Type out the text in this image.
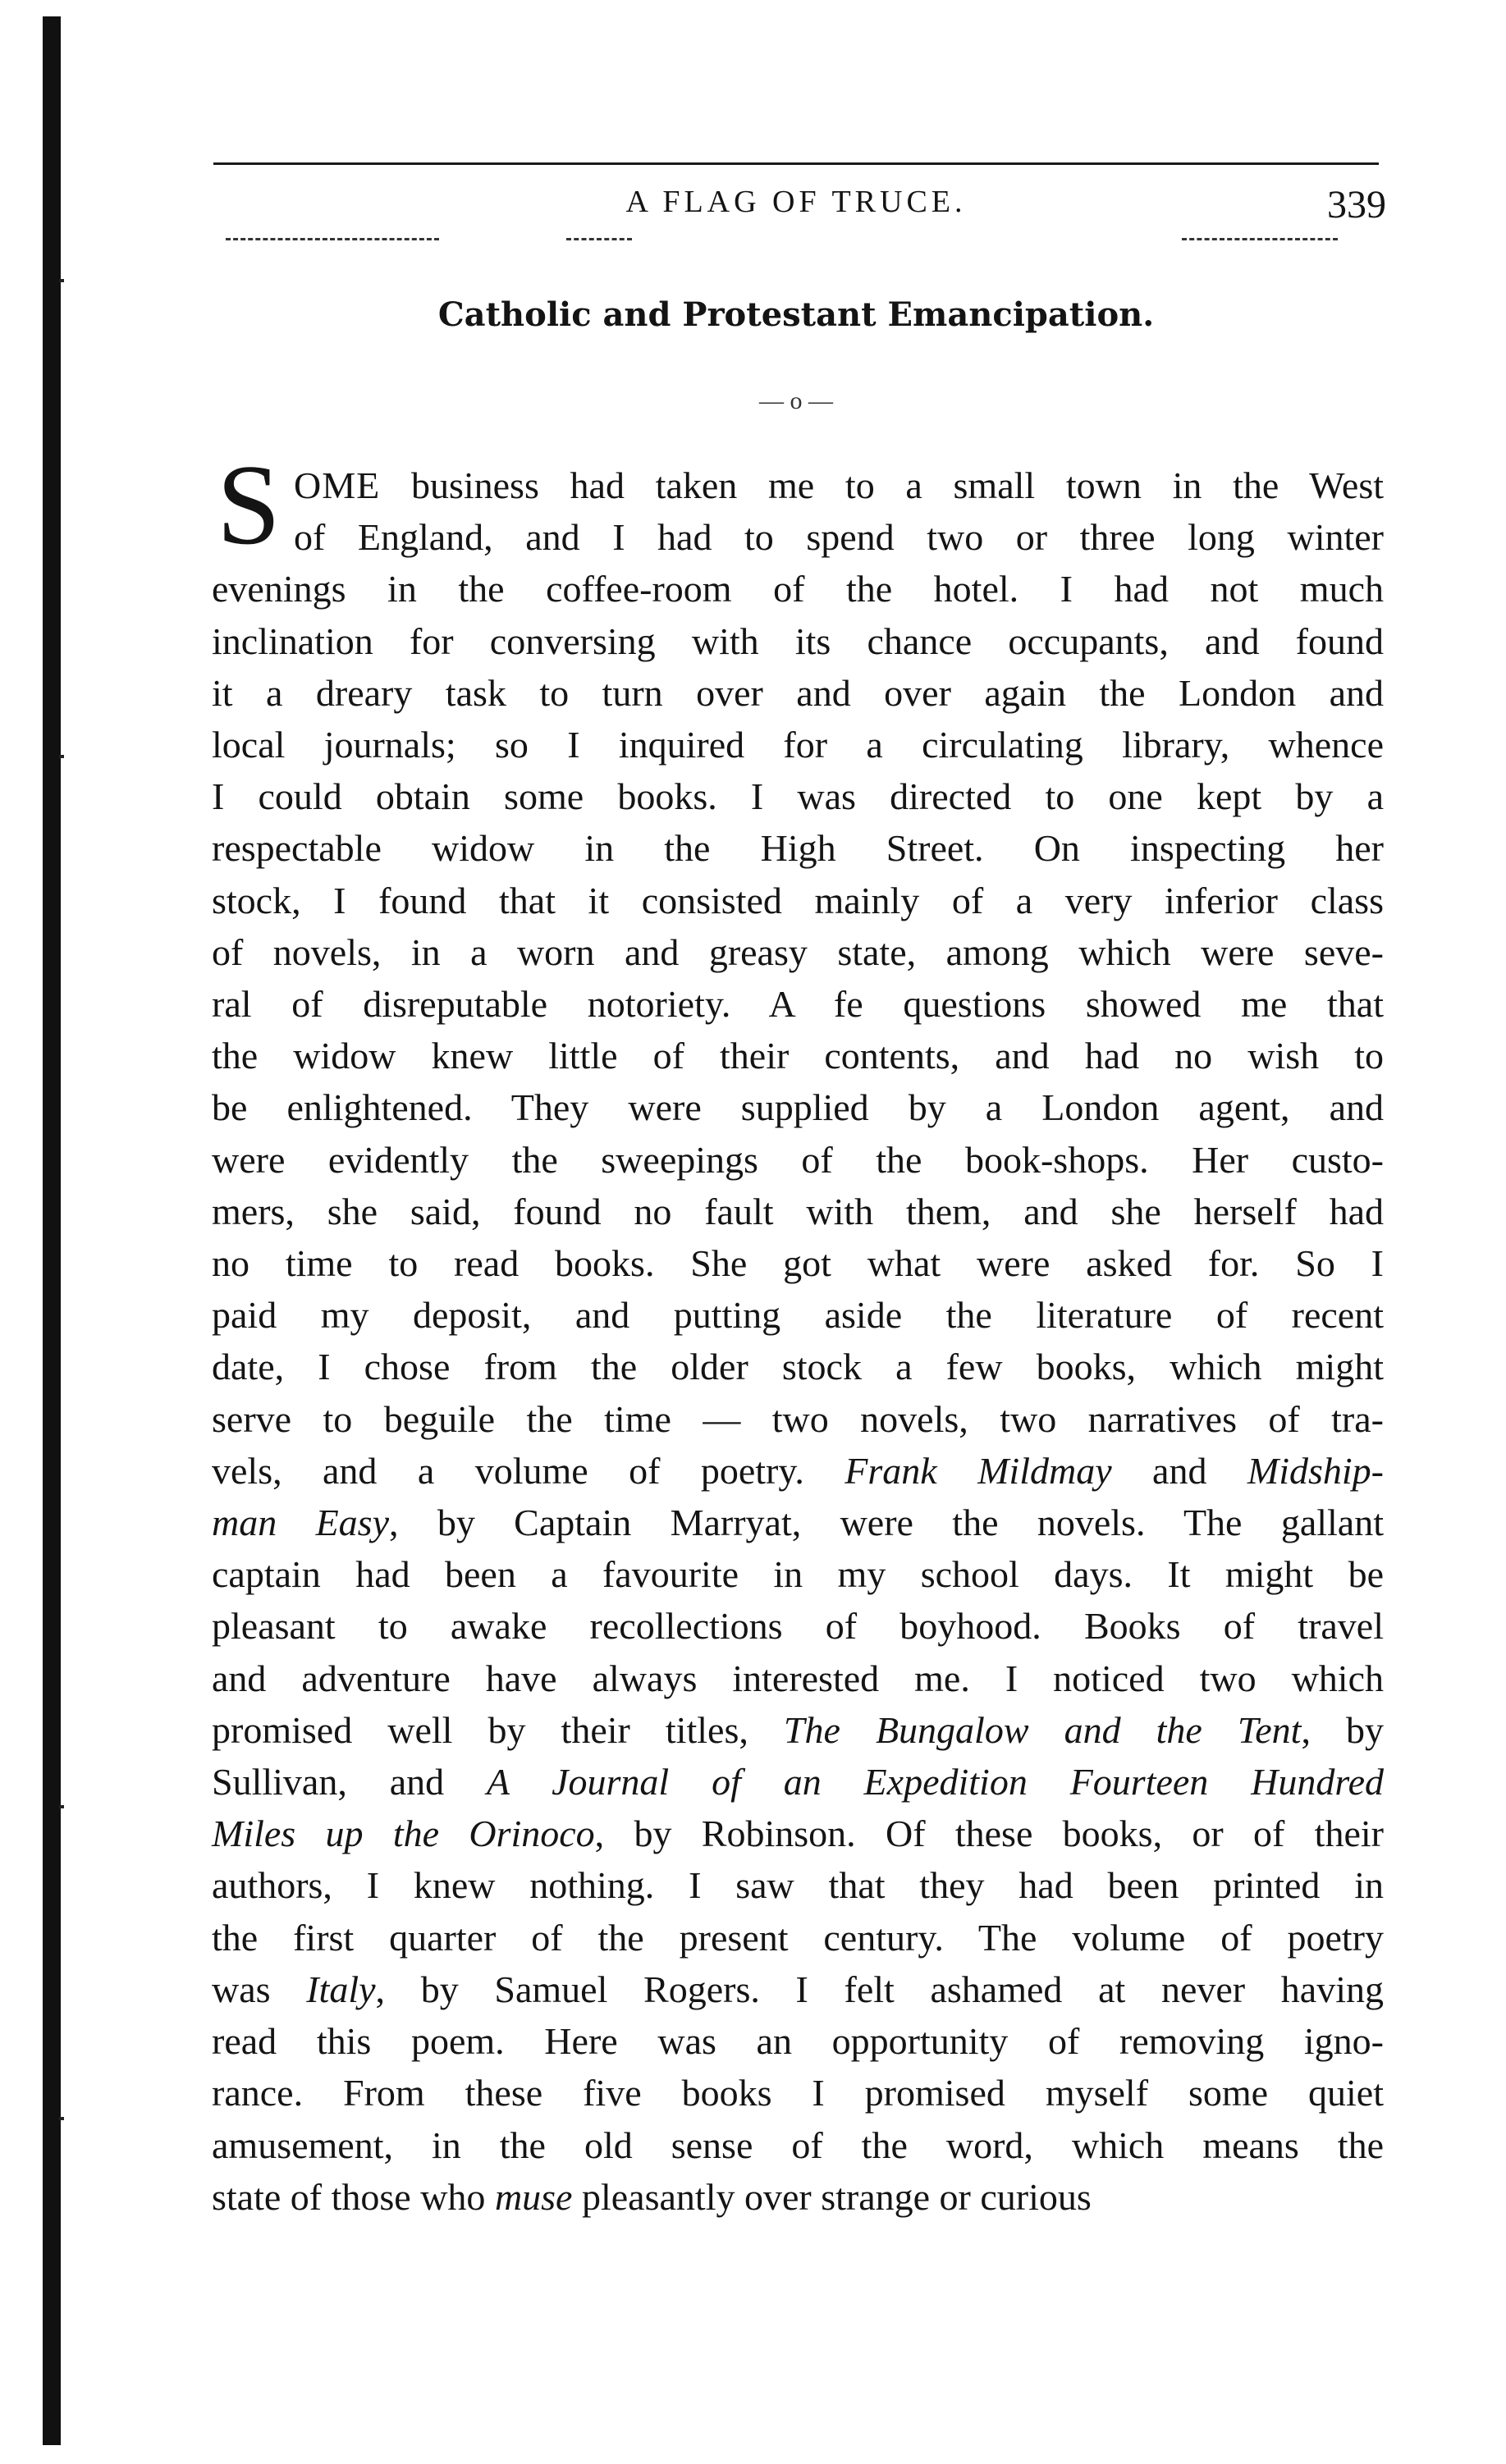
A FLAG OF TRUCE.	339
Catholic and Protestant Emancipation.
— o —
S OME business had taken me to a small town in the West
of England, and I had to spend two or three long winter
evenings in the coffee-room of the hotel. I had not much
inclination for conversing with its chance occupants, and found
it a dreary task to turn over and over again the London and
local journals; so I inquired for a circulating library, whence
I could obtain some books. I was directed to one kept by a
respectable widow in the High Street. On inspecting her
stock, I found that it consisted mainly of a very inferior class
of novels, in a worn and greasy state, among which were seve-
ral of disreputable notoriety. A fe questions showed me that
the widow knew little of their contents, and had no wish to
be enlightened. They were supplied by a London agent, and
were evidently the sweepings of the book-shops. Her custo-
mers, she said, found no fault with them, and she herself had
no time to read books. She got what were asked for. So I
paid my deposit, and putting aside the literature of recent
date, I chose from the older stock a few books, which might
serve to beguile the time — two novels, two narratives of tra-
vels, and a volume of poetry. Frank Mildmay and Midship-
man Easy, by Captain Marryat, were the novels. The gallant
captain had been a favourite in my school days. It might be
pleasant to awake recollections of boyhood. Books of travel
and adventure have always interested me. I noticed two which
promised well by their titles, The Bungalow and the Tent, by
Sullivan, and A Journal of an Expedition Fourteen Hundred
Miles up the Orinoco, by Robinson. Of these books, or of their
authors, I knew nothing. I saw that they had been printed in
the first quarter of the present century. The volume of poetry
was Italy, by Samuel Rogers. I felt ashamed at never having
read this poem. Here was an opportunity of removing igno-
rance. From these five books I promised myself some quiet
amusement, in the old sense of the word, which means the
state of those who muse pleasantly over strange or curious
